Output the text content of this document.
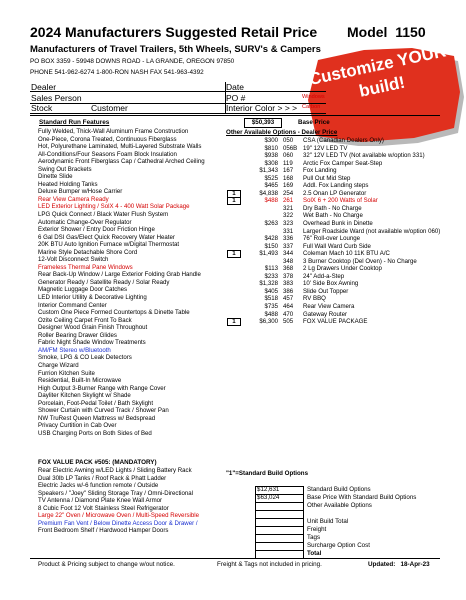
2024 Manufacturers Suggested Retail Price Model 1150
Manufacturers of Travel Trailers, 5th Wheels, SURV's & Campers
PO BOX 3359 - 59948 DOWNS ROAD - LA GRANDE, OREGON 97850
PHONE 541-962-6274 1-800-RON NASH FAX 541-963-4392	Customize YOUR build!
Dealer	Date
Sales Person	PO #
Stock	Customer	Interior Color > > >
Windows
Carbon
Standard Run Features
Fully Welded, Thick-Wall Aluminum Frame Construction
One-Piece, Corona Treated, Continuous Fiberglass
Hot, Polyurethane Laminated, Multi-Layered Substrate Walls
All-Conditions/Four Seasons Foam Block Insulation
Aerodynamic Front Fiberglass Cap / Cathedral Arched Ceiling
Swing Out Brackets
Dinette Slide
Heated Holding Tanks
Deluxe Bumper w/Hose Carrier
Rear View Camera Ready
LED Exterior Lighting / SolX 4 - 400 Watt Solar Package
LPG Quick Connect / Black Water Flush System
Automatic Change-Over Regulator
Exterior Shower / Entry Door Friction Hinge
6 Gal DSI Gas/Elect Quick Recovery Water Heater
20K BTU Auto Ignition Furnace w/Digital Thermostat
Marine Style Detachable Shore Cord
12-Volt Disconnect Switch
Frameless Thermal Pane Windows
Rear Back-Up Window / Large Exterior Folding Grab Handle
Generator Ready / Satellite Ready / Solar Ready
Magnetic Luggage Door Catches
LED Interior Utility & Decorative Lighting
Interior Command Center
Custom One Piece Formed Countertops & Dinette Table
Ozite Ceiling Carpet Front To Back
Designer Wood Grain Finish Throughout
Roller Bearing Drawer Glides
Fabric Night Shade Window Treatments
AM/FM Stereo w/Bluetooth
Smoke, LPG & CO Leak Detectors
Charge Wizard
Furrion Kitchen Suite
Residential, Built-In Microwave
High Output 3-Burner Range with Range Cover
Dayliter Kitchen Skylight w/ Shade
Porcelain, Foot-Pedal Toilet / Bath Skylight
Shower Curtain with Curved Track / Shower Pan
NW TruRest Queen Mattress w/ Bedspread
Privacy Curtition in Cab Over
USB Charging Ports on Both Sides of Bed
FOX VALUE PACK #505: (MANDATORY)
Rear Electric Awning w/LED Lights / Sliding Battery Rack
Dual 30lb LP Tanks / Roof Rack & Phatt Ladder
Electric Jacks w/-6 function remote / Outside
Speakers / "Joey" Sliding Storage Tray / Omni-Directional
TV Antenna / Diamond Plate Knee Wall Armor
8 Cubic Foot 12 Volt Stainless Steel Refrigerator
Large 22" Oven / Microwave Oven / Multi-Speed Reversible
Premium Fan Vent / Below Dinette Access Door & Drawer /
Front Bedroom Shelf / Hardwood Hamper Doors
$50,393	Base Price
Other Available Options - Dealer Price
$300 050 CSA (Canadian Dealers Only)
$810 056B 19" 12V LED TV
$938 060 32" 12V LED TV (Not available w/option 331)
$308 119 Arctic Fox Camper Seat-Step
$1,343 167 Fox Landing
$525 168 Pull Out Mid Step
$465 169 Addl. Fox Landing steps
1	$4,838 254 2.5 Onan LP Generator
1	$488 261 SolX 6 + 200 Watts of Solar
321 Dry Bath - No Charge
322 Wet Bath - No Charge
$263 323 Overhead Bunk in Dinette
331 Larger Roadside Ward (not available w/option 060)
$428 336 76" Roll-over Lounge
$150 337 Full Wall Ward Curb Side
1	$1,493 344 Coleman Mach 10 11K BTU A/C
348 3 Burner Cooktop (Del Oven) - No Charge
$113 368 2 Lg Drawers Under Cooktop
$233 378 24" Add-a-Step
$1,328 383 10' Side Box Awning
$405 386 Slide Out Topper
$518 457 RV BBQ
$735 464 Rear View Camera
$488 470 Gateway Router
1	$6,300 505 FOX VALUE PACKAGE
"1"=Standard Build Options
$12,631	Standard Build Options
$63,024	Base Price With Standard Build Options
Other Available Options
Unit Build Total
Freight
Tags
Surcharge Option Cost
Total
Product & Pricing subject to change w/out notice.	Freight & Tags not included in pricing.	Updated: 18-Apr-23
